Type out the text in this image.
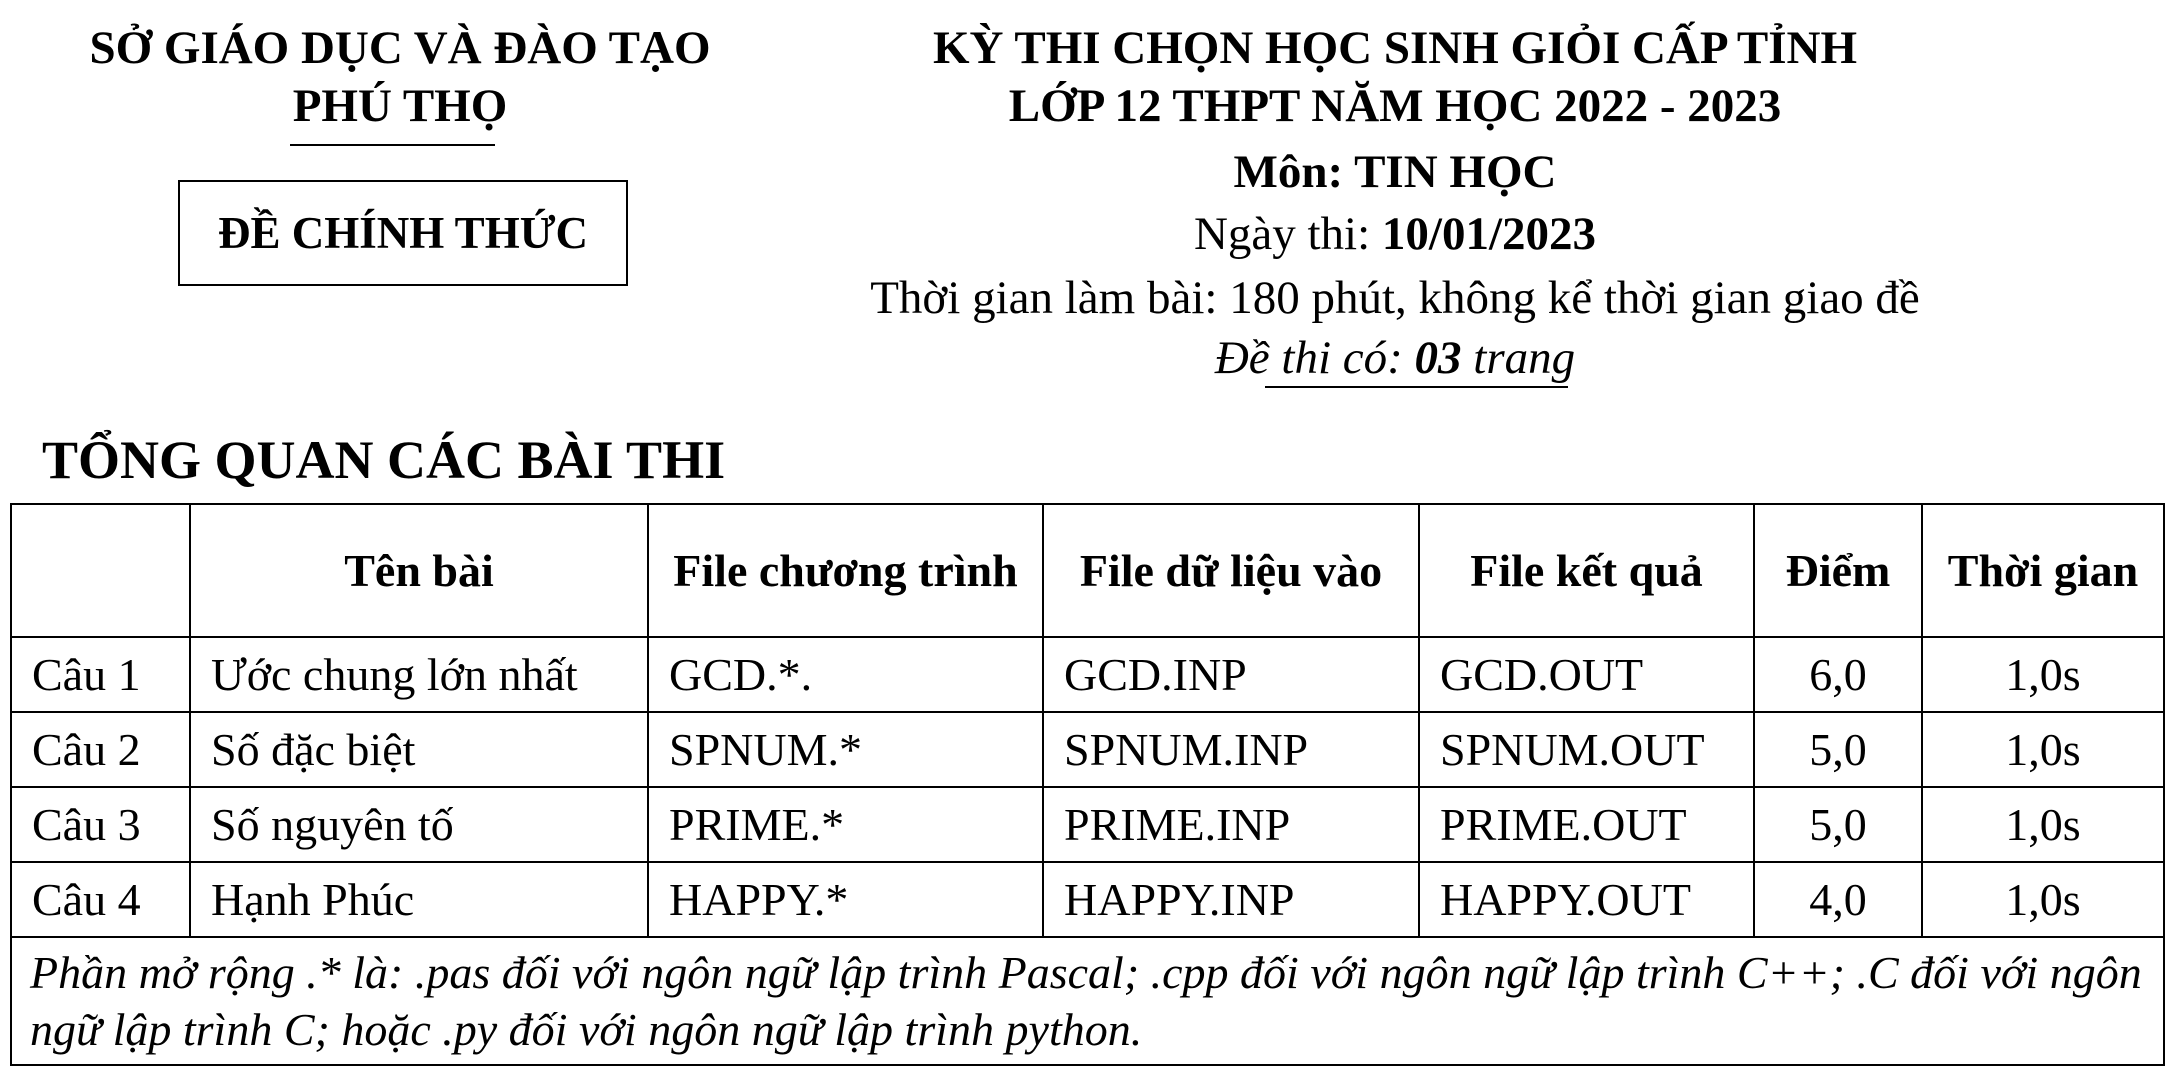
SỞ GIÁO DỤC VÀ ĐÀO TẠO
PHÚ THỌ
ĐỀ CHÍNH THỨC
KỲ THI CHỌN HỌC SINH GIỎI CẤP TỈNH
LỚP 12 THPT NĂM HỌC 2022 - 2023
Môn: TIN HỌC
Ngày thi: 10/01/2023
Thời gian làm bài: 180 phút, không kể thời gian giao đề
Đề thi có: 03 trang
TỔNG QUAN CÁC BÀI THI
	Tên bài	File chương trình	File dữ liệu vào	File kết quả	Điểm	Thời gian
Câu 1	Ước chung lớn nhất	GCD.*.	GCD.INP	GCD.OUT	6,0	1,0s
Câu 2	Số đặc biệt	SPNUM.*	SPNUM.INP	SPNUM.OUT	5,0	1,0s
Câu 3	Số nguyên tố	PRIME.*	PRIME.INP	PRIME.OUT	5,0	1,0s
Câu 4	Hạnh Phúc	HAPPY.*	HAPPY.INP	HAPPY.OUT	4,0	1,0s
Phần mở rộng .* là: .pas đối với ngôn ngữ lập trình Pascal; .cpp đối với ngôn ngữ lập trình C++; .C đối với ngôn ngữ lập trình C; hoặc .py đối với ngôn ngữ lập trình python.						
